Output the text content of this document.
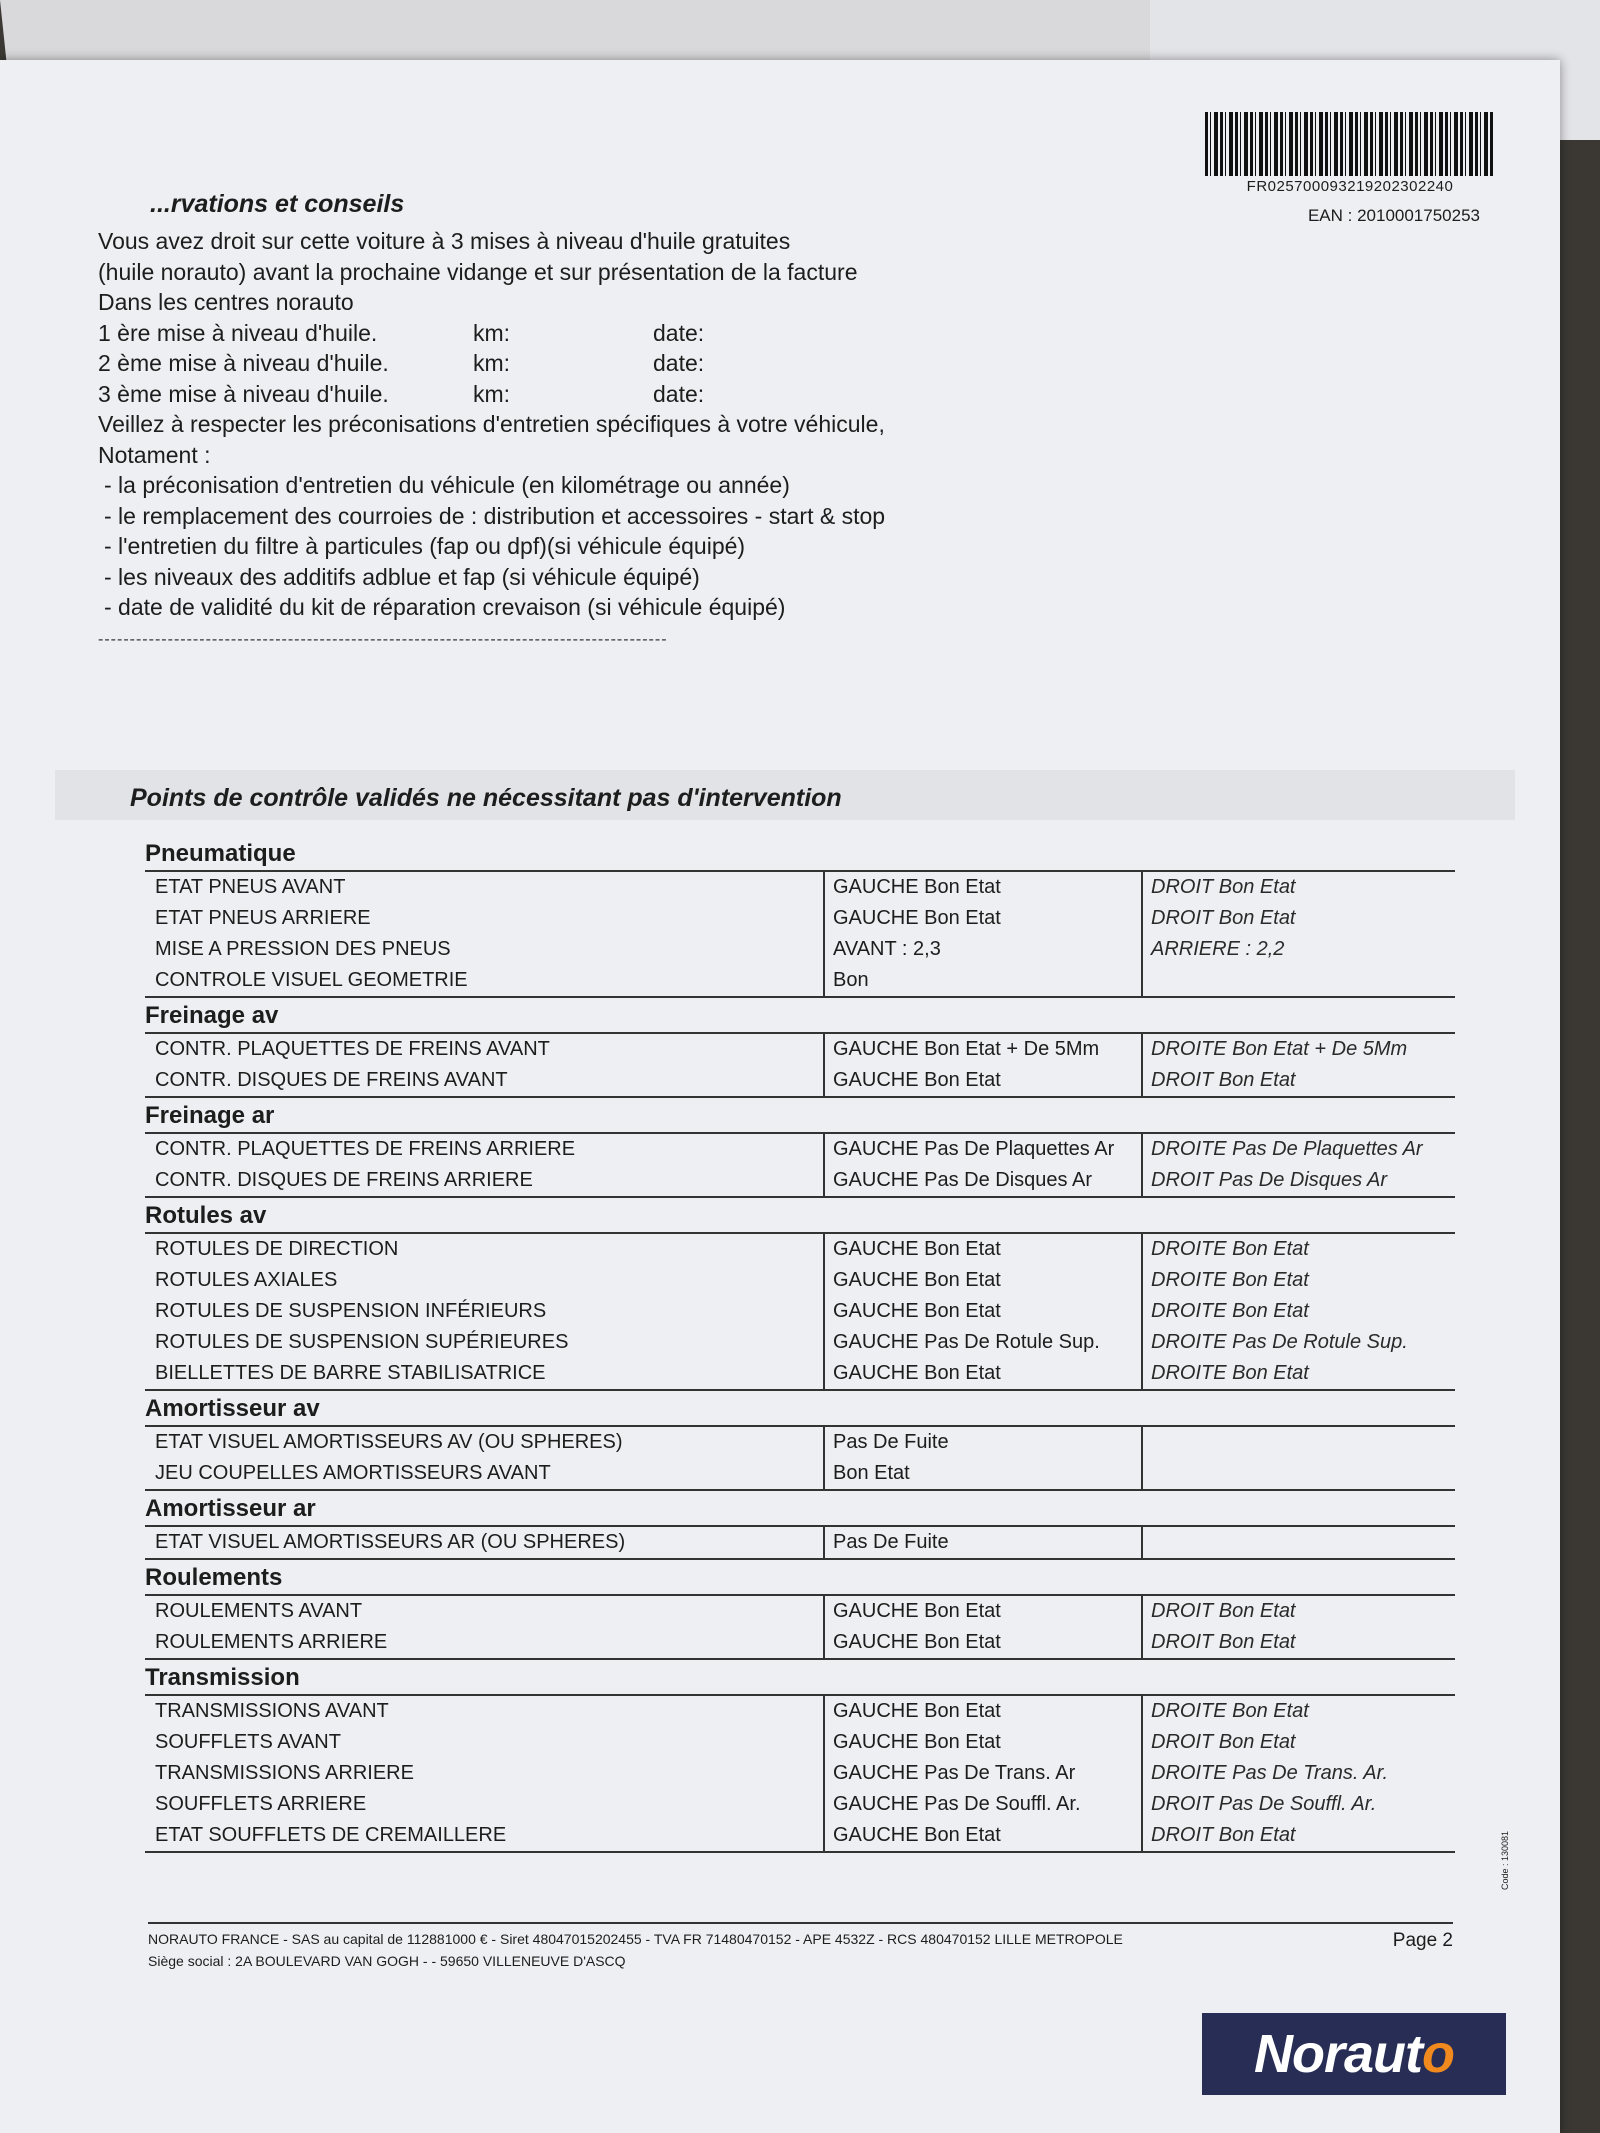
FR025700093219202302240
EAN : 2010001750253
...rvations et conseils
Vous avez droit sur cette voiture à 3 mises à niveau d'huile gratuites
(huile norauto) avant la prochaine vidange et sur présentation de la facture
Dans les centres norauto
1 ère mise à niveau d'huile.	km:	date:
2 ème mise à niveau d'huile.	km:	date:
3 ème mise à niveau d'huile.	km:	date:
Veillez à respecter les préconisations d'entretien spécifiques à votre véhicule,
Notament :
- la préconisation d'entretien du véhicule (en kilométrage ou année)
- le remplacement des courroies de : distribution et accessoires - start & stop
- l'entretien du filtre à particules (fap ou dpf)(si véhicule équipé)
- les niveaux des additifs adblue et fap (si véhicule équipé)
- date de validité du kit de réparation crevaison (si véhicule équipé)
------------------------------------------------------------------------------------------
Points de contrôle validés ne nécessitant pas d'intervention
Pneumatique
ETAT PNEUS AVANT	GAUCHE Bon Etat	DROIT Bon Etat
ETAT PNEUS ARRIERE	GAUCHE Bon Etat	DROIT Bon Etat
MISE A PRESSION DES PNEUS	AVANT : 2,3	ARRIERE : 2,2
CONTROLE VISUEL GEOMETRIE	Bon	
Freinage av
CONTR. PLAQUETTES DE FREINS AVANT	GAUCHE Bon Etat + De 5Mm	DROITE Bon Etat + De 5Mm
CONTR. DISQUES DE FREINS AVANT	GAUCHE Bon Etat	DROIT Bon Etat
Freinage ar
CONTR. PLAQUETTES DE FREINS ARRIERE	GAUCHE Pas De Plaquettes Ar	DROITE Pas De Plaquettes Ar
CONTR. DISQUES DE FREINS ARRIERE	GAUCHE Pas De Disques Ar	DROIT Pas De Disques Ar
Rotules av
ROTULES DE DIRECTION	GAUCHE Bon Etat	DROITE Bon Etat
ROTULES AXIALES	GAUCHE Bon Etat	DROITE Bon Etat
ROTULES DE SUSPENSION INFÉRIEURS	GAUCHE Bon Etat	DROITE Bon Etat
ROTULES DE SUSPENSION SUPÉRIEURES	GAUCHE Pas De Rotule Sup.	DROITE Pas De Rotule Sup.
BIELLETTES DE BARRE STABILISATRICE	GAUCHE Bon Etat	DROITE Bon Etat
Amortisseur av
ETAT VISUEL AMORTISSEURS AV (OU SPHERES)	Pas De Fuite	
JEU COUPELLES AMORTISSEURS AVANT	Bon Etat	
Amortisseur ar
ETAT VISUEL AMORTISSEURS AR (OU SPHERES)	Pas De Fuite	
Roulements
ROULEMENTS AVANT	GAUCHE Bon Etat	DROIT Bon Etat
ROULEMENTS ARRIERE	GAUCHE Bon Etat	DROIT Bon Etat
Transmission
TRANSMISSIONS AVANT	GAUCHE Bon Etat	DROITE Bon Etat
SOUFFLETS AVANT	GAUCHE Bon Etat	DROIT Bon Etat
TRANSMISSIONS ARRIERE	GAUCHE Pas De Trans. Ar	DROITE Pas De Trans. Ar.
SOUFFLETS ARRIERE	GAUCHE Pas De Souffl. Ar.	DROIT Pas De Souffl. Ar.
ETAT SOUFFLETS DE CREMAILLERE	GAUCHE Bon Etat	DROIT Bon Etat
NORAUTO FRANCE - SAS au capital de 112881000 € - Siret 48047015202455 - TVA FR 71480470152 - APE 4532Z - RCS 480470152 LILLE METROPOLE
Siège social : 2A BOULEVARD VAN GOGH - - 59650 VILLENEUVE D'ASCQ
Page 2
Code : 130081
Norau t o
